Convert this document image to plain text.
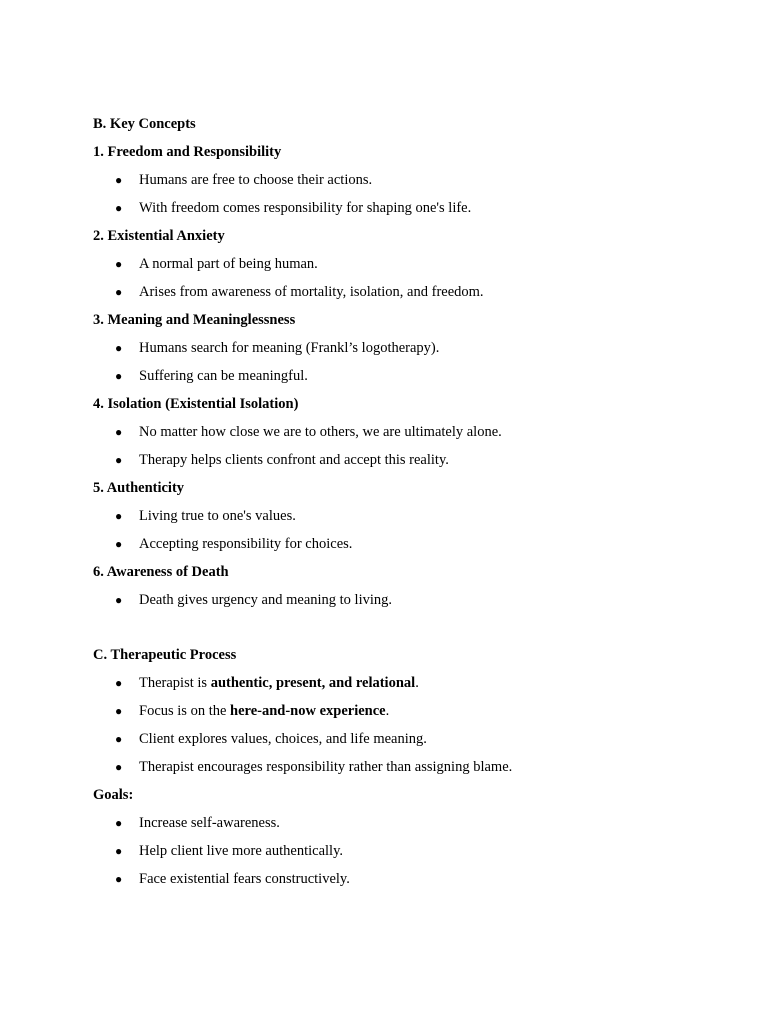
B. Key Concepts
1. Freedom and Responsibility
● Humans are free to choose their actions.
● With freedom comes responsibility for shaping one's life.
2. Existential Anxiety
● A normal part of being human.
● Arises from awareness of mortality, isolation, and freedom.
3. Meaning and Meaninglessness
● Humans search for meaning (Frankl’s logotherapy).
● Suffering can be meaningful.
4. Isolation (Existential Isolation)
● No matter how close we are to others, we are ultimately alone.
● Therapy helps clients confront and accept this reality.
5. Authenticity
● Living true to one's values.
● Accepting responsibility for choices.
6. Awareness of Death
● Death gives urgency and meaning to living.
C. Therapeutic Process
● Therapist is authentic, present, and relational.
● Focus is on the here-and-now experience.
● Client explores values, choices, and life meaning.
● Therapist encourages responsibility rather than assigning blame.
Goals:
● Increase self-awareness.
● Help client live more authentically.
● Face existential fears constructively.
